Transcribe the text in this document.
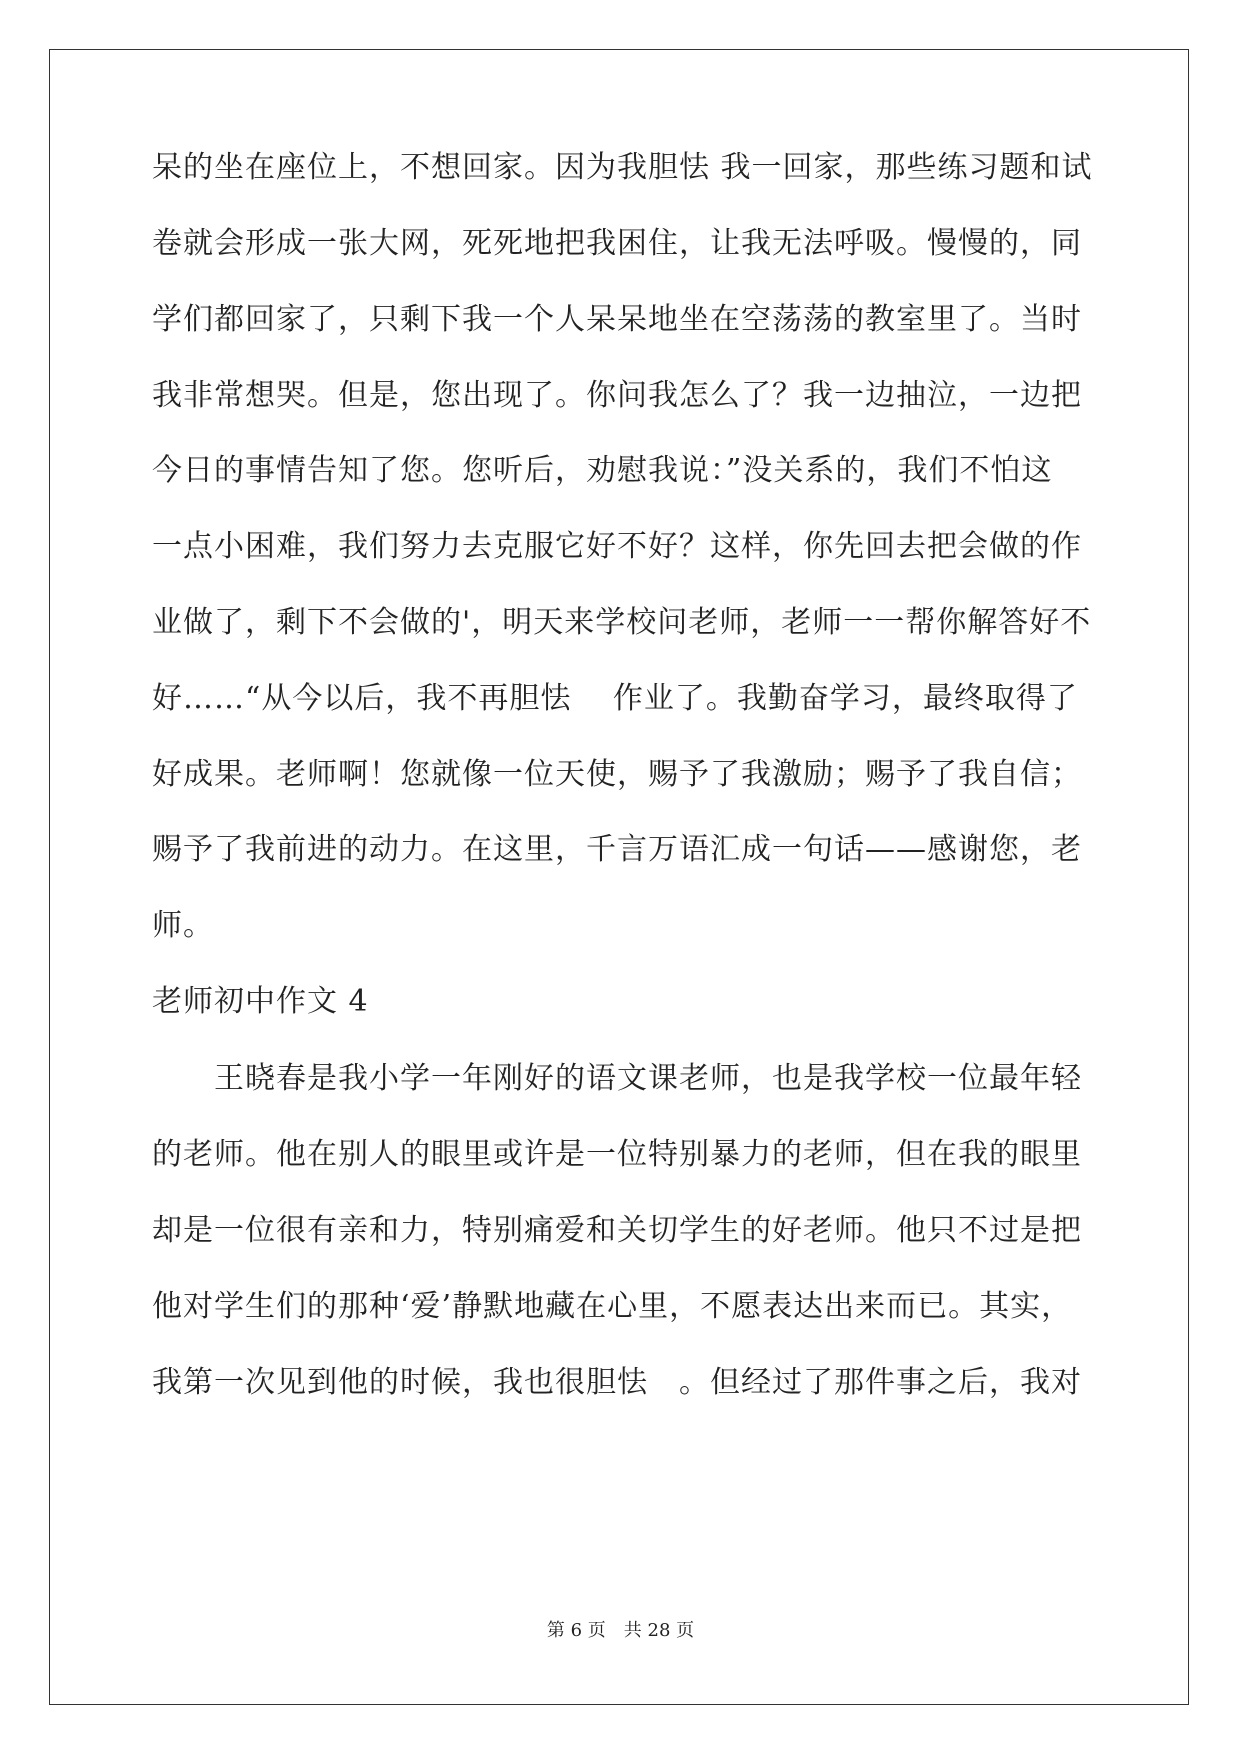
呆的坐在座位上，不想回家。因为我胆怯 我一回家，那些练习题和试
卷就会形成一张大网，死死地把我困住，让我无法呼吸。慢慢的，同
学们都回家了，只剩下我一个人呆呆地坐在空荡荡的教室里了。当时
我非常想哭。但是，您出现了。你问我怎么了？我一边抽泣，一边把
今日的事情告知了您。您听后，劝慰我说：”没关系的，我们不怕这
一点小困难，我们努力去克服它好不好？这样，你先回去把会做的作
业做了，剩下不会做的'，明天来学校问老师，老师一一帮你解答好不
好……“从今以后，我不再胆怯　 作业了。我勤奋学习，最终取得了
好成果。老师啊！您就像一位天使，赐予了我激励；赐予了我自信；
赐予了我前进的动力。在这里，千言万语汇成一句话——感谢您，老
师。
老师初中作文 4
　　王晓春是我小学一年刚好的语文课老师，也是我学校一位最年轻
的老师。他在别人的眼里或许是一位特别暴力的老师，但在我的眼里
却是一位很有亲和力，特别痛爱和关切学生的好老师。他只不过是把
他对学生们的那种‘爱’静默地藏在心里，不愿表达出来而已。其实，
我第一次见到他的时候，我也很胆怯　。但经过了那件事之后，我对
第 6 页　共 28 页
